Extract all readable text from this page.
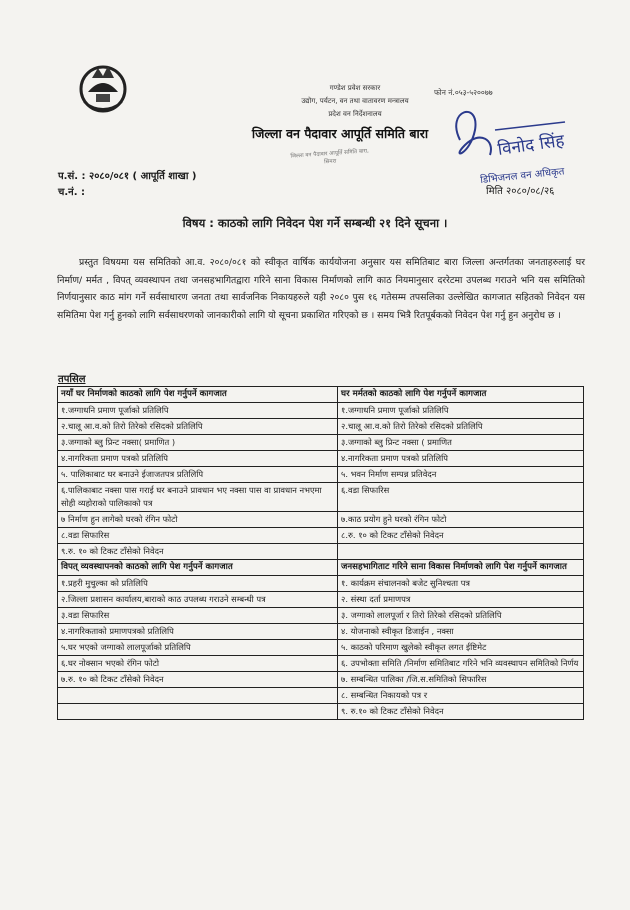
गण्डेश प्रवेश सरकार
उद्योग, पर्यटन, वन तथा वातावरण मन्त्रालय
प्रदेश वन निर्देशनालय
जिल्ला वन पैदावार आपूर्ति समिति बारा
फोन नं.०५३-५२००७७
जिल्ला वन पैदावार आपूर्ति समिति बारा, सिमरा
विनोद सिंह
डिभिजनल वन अधिकृत
प.सं. : २०८०/०८१ ( आपूर्ति शाखा )
च.नं. :	मिति २०८०/०८/२६
विषय : काठको लागि निवेदन पेश गर्ने सम्बन्धी २१ दिने सूचना ।
प्रस्तुत विषयमा यस समितिको आ.व. २०८०/०८१ को स्वीकृत वार्षिक कार्ययोजना अनुसार यस समितिबाट बारा जिल्ला अन्तर्गतका जनताहरुलाई घर निर्माण/ मर्मत , विपत् व्यवस्थापन तथा जनसहभागितद्वारा गरिने साना विकास निर्माणको लागि काठ नियमानुसार दररेटमा उपलब्ध गराउने भनि यस समितिको निर्णयानुसार काठ मांग गर्ने सर्वसाधारण जनता तथा सार्वजनिक निकायहरुले यही २०८० पुस १६ गतेसम्म तपसलिका उल्लेखित कागजात सहितको निवेदन यस समितिमा पेश गर्नु हुनको लागि सर्वसाधरणको जानकारीको लागि यो सूचना प्रकाशित गरिएको छ । समय भित्रै रितपूर्बकको निवेदन पेश गर्नु हुन अनुरोध छ ।
तपसिल
नयाँ घर निर्माणको काठको लागि पेश गर्नुपर्ने कागजात	घर मर्मतको काठको लागि पेश गर्नुपर्ने कागजात
१.जग्गाधनि प्रमाण पूर्जाको प्रतिलिपि	१.जग्गाधनि प्रमाण पूर्जाको प्रतिलिपि
२.चालू आ.व.को तिरो तिरेको रसिदको प्रतिलिपि	२.चालू आ.व.को तिरो तिरेको रसिदको प्रतिलिपि
३.जग्गाको ब्लु प्रिन्ट नक्सा( प्रमाणित )	३.जग्गाको ब्लु प्रिन्ट नक्सा ( प्रमाणित
४.नागरिकता प्रमाण पत्रको प्रतिलिपि	४.नागरिकता प्रमाण पत्रको प्रतिलिपि
५. पालिकाबाट घर बनाउने ईजाजतपत्र प्रतिलिपि	५. भवन निर्माण सम्पन्न प्रतिवेदन
६.पालिकाबाट नक्सा पास गराई घर बनाउने प्रावधान भए नक्सा पास वा प्रावधान नभएमा सोही व्यहोराको पालिकाको पत्र	६.वडा सिफारिस
७ निर्माण हुन लागेको घरको रंगिन फोटो	७.काठ प्रयोग हुने घरको रंगिन फोटो
८.वडा सिफारिस	८.रु. १० को टिकट टाँसेको निवेदन
९.रु. १० को टिकट टाँसेको निवेदन	
विपत् व्यवस्थापनको काठको लागि पेश गर्नुपर्ने कागजात	जनसहभागिताट गरिने साना विकास निर्माणको लागि पेश गर्नुपर्ने कागजात
१.प्रहरी मुचुल्का को प्रतिलिपि	१. कार्यक्रम संचालनको बजेट सुनिश्चता पत्र
२.जिल्ला प्रशासन कार्यालय,बाराको काठ उपलब्ध गराउने सम्बन्धी पत्र	२. संस्था दर्ता प्रमाणपत्र
३.वडा सिफारिस	३. जग्गाको लालपूर्जा र तिरो तिरेको रसिदको प्रतिलिपि
४.नागरिकताको प्रमाणपत्रको प्रतिलिपि	४. योजनाको स्वीकृत डिजाईन , नक्सा
५.घर भएको जग्गाको लालपूर्जाको प्रतिलिपि	५. काठको परिमाण खुलेको स्वीकृत लगत ईष्टिमेट
६.घर नोक्सान भएको रंगिन फोटो	६. उपभोक्ता समिति /निर्माण समितिबाट गरिने भनि व्यवस्थापन समितिको निर्णय
७.रु. १० को टिकट टाँसेको निवेदन	७. सम्बन्धित पालिका /जि.स.समितिको सिफारिस
	८. सम्बन्धित निकायको पत्र र
	९. रु.१० को टिकट टाँसेको निवेदन
